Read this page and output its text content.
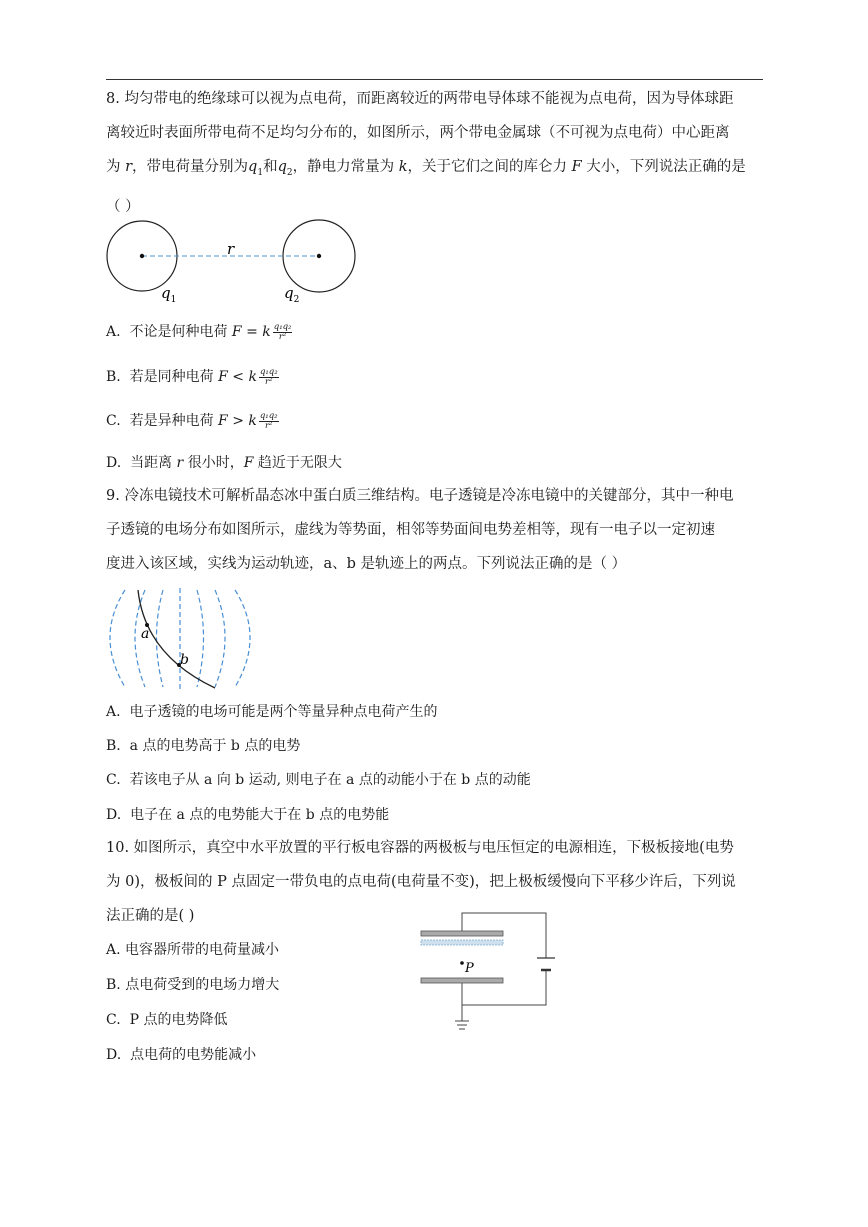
8. 均匀带电的绝缘球可以视为点电荷，而距离较近的两带电导体球不能视为点电荷，因为导体球距
离较近时表面所带电荷不足均匀分布的，如图所示，两个带电金属球（不可视为点电荷）中心距离
为 r，带电荷量分别为$q_1$和$q_2$，静电力常量为 k，关于它们之间的库仑力 F 大小，下列说法正确的是
（ ）
r
$q_1$	$q_2$
A. 不论是何种电荷 F = k $\frac{\text{q₁q₂}}{\text{r²}}$
B. 若是同种电荷 F < k $\frac{\text{q₁q₂}}{\text{r²}}$
C. 若是异种电荷 F > k $\frac{\text{q₁q₂}}{\text{r²}}$
D. 当距离 r 很小时，F 趋近于无限大
9. 冷冻电镜技术可解析晶态冰中蛋白质三维结构。电子透镜是冷冻电镜中的关键部分，其中一种电
子透镜的电场分布如图所示，虚线为等势面，相邻等势面间电势差相等，现有一电子以一定初速
度进入该区域，实线为运动轨迹，a、b 是轨迹上的两点。下列说法正确的是（ ）
a
b
A. 电子透镜的电场可能是两个等量异种点电荷产生的
B. a 点的电势高于 b 点的电势
C. 若该电子从 a 向 b 运动, 则电子在 a 点的动能小于在 b 点的动能
D. 电子在 a 点的电势能大于在 b 点的电势能
10. 如图所示，真空中水平放置的平行板电容器的两极板与电压恒定的电源相连，下极板接地(电势
为 0)，极板间的 P 点固定一带负电的点电荷(电荷量不变)，把上极板缓慢向下平移少许后，下列说
法正确的是( )
P
A. 电容器所带的电荷量减小
B. 点电荷受到的电场力增大
C. P 点的电势降低
D. 点电荷的电势能减小
